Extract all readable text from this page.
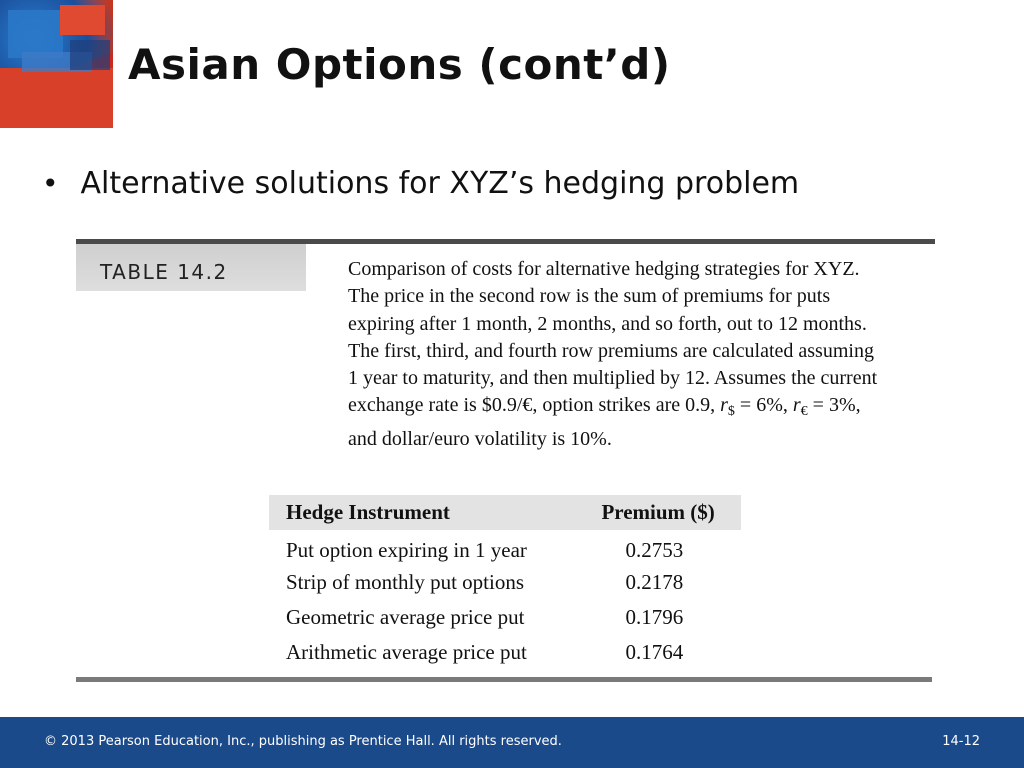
Asian Options (cont’d)
• Alternative solutions for XYZ’s hedging problem
TABLE 14.2	Comparison of costs for alternative hedging strategies for XYZ. The price in the second row is the sum of premiums for puts expiring after 1 month, 2 months, and so forth, out to 12 months. The first, third, and fourth row premiums are calculated assuming 1 year to maturity, and then multiplied by 12. Assumes the current exchange rate is $0.9/€, option strikes are 0.9, $r_{\$} = 6\%$, $r_€ = 3\%$, and dollar/euro volatility is 10%.
Hedge Instrument	Premium ($)
Put option expiring in 1 year	0.2753
Strip of monthly put options	0.2178
Geometric average price put	0.1796
Arithmetic average price put	0.1764
© 2013 Pearson Education, Inc., publishing as Prentice Hall. All rights reserved.	14-12
